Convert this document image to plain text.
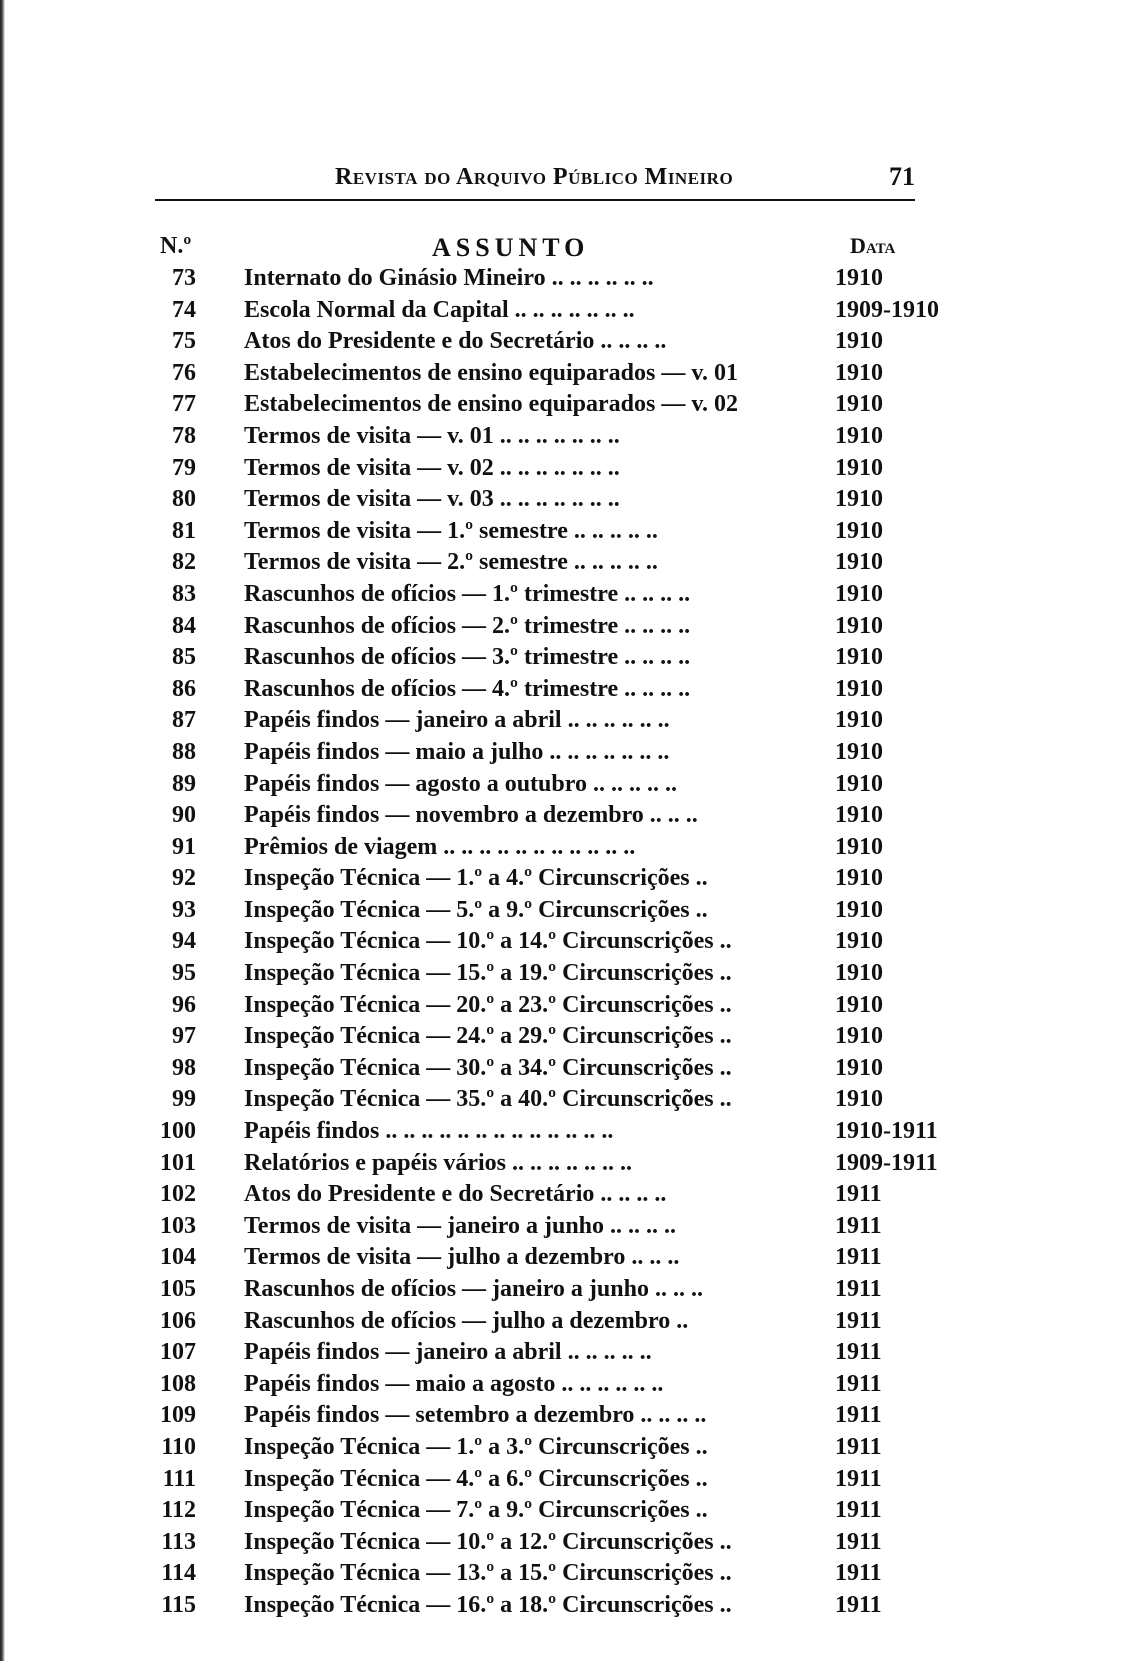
Revista do Arquivo Público Mineiro	71
N.º	ASSUNTO	Data
73 Internato do Ginásio Mineiro .. .. .. .. .. ..	1910
74 Escola Normal da Capital .. .. .. .. .. .. ..	1909-1910
75 Atos do Presidente e do Secretário .. .. .. ..	1910
76 Estabelecimentos de ensino equiparados — v. 01	1910
77 Estabelecimentos de ensino equiparados — v. 02	1910
78 Termos de visita — v. 01 .. .. .. .. .. .. ..	1910
79 Termos de visita — v. 02 .. .. .. .. .. .. ..	1910
80 Termos de visita — v. 03 .. .. .. .. .. .. ..	1910
81 Termos de visita — 1.º semestre .. .. .. .. ..	1910
82 Termos de visita — 2.º semestre .. .. .. .. ..	1910
83 Rascunhos de ofícios — 1.º trimestre .. .. .. ..	1910
84 Rascunhos de ofícios — 2.º trimestre .. .. .. ..	1910
85 Rascunhos de ofícios — 3.º trimestre .. .. .. ..	1910
86 Rascunhos de ofícios — 4.º trimestre .. .. .. ..	1910
87 Papéis findos — janeiro a abril .. .. .. .. .. ..	1910
88 Papéis findos — maio a julho .. .. .. .. .. .. ..	1910
89 Papéis findos — agosto a outubro .. .. .. .. ..	1910
90 Papéis findos — novembro a dezembro .. .. ..	1910
91 Prêmios de viagem .. .. .. .. .. .. .. .. .. .. ..	1910
92 Inspeção Técnica — 1.º a 4.º Circunscrições ..	1910
93 Inspeção Técnica — 5.º a 9.º Circunscrições ..	1910
94 Inspeção Técnica — 10.º a 14.º Circunscrições ..	1910
95 Inspeção Técnica — 15.º a 19.º Circunscrições ..	1910
96 Inspeção Técnica — 20.º a 23.º Circunscrições ..	1910
97 Inspeção Técnica — 24.º a 29.º Circunscrições ..	1910
98 Inspeção Técnica — 30.º a 34.º Circunscrições ..	1910
99 Inspeção Técnica — 35.º a 40.º Circunscrições ..	1910
100 Papéis findos .. .. .. .. .. .. .. .. .. .. .. .. ..	1910-1911
101 Relatórios e papéis vários .. .. .. .. .. .. ..	1909-1911
102 Atos do Presidente e do Secretário .. .. .. ..	1911
103 Termos de visita — janeiro a junho .. .. .. ..	1911
104 Termos de visita — julho a dezembro .. .. ..	1911
105 Rascunhos de ofícios — janeiro a junho .. .. ..	1911
106 Rascunhos de ofícios — julho a dezembro ..	1911
107 Papéis findos — janeiro a abril .. .. .. .. ..	1911
108 Papéis findos — maio a agosto .. .. .. .. .. ..	1911
109 Papéis findos — setembro a dezembro .. .. .. ..	1911
110 Inspeção Técnica — 1.º a 3.º Circunscrições ..	1911
111 Inspeção Técnica — 4.º a 6.º Circunscrições ..	1911
112 Inspeção Técnica — 7.º a 9.º Circunscrições ..	1911
113 Inspeção Técnica — 10.º a 12.º Circunscrições ..	1911
114 Inspeção Técnica — 13.º a 15.º Circunscrições ..	1911
115 Inspeção Técnica — 16.º a 18.º Circunscrições ..	1911
